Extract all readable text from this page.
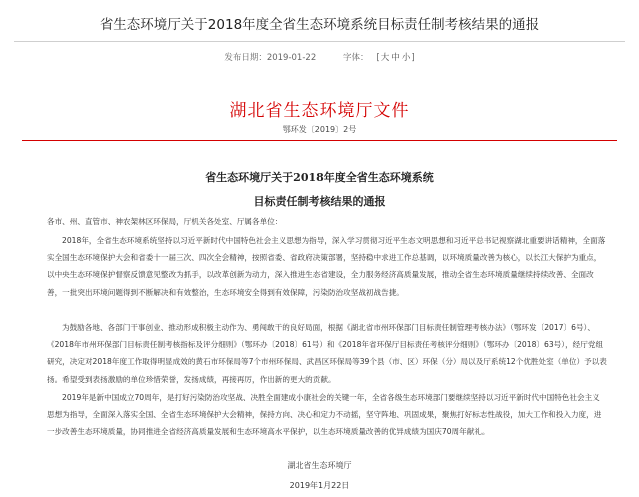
省生态环境厅关于2018年度全省生态环境系统目标责任制考核结果的通报
发布日期：2019-01-22	字体： [大 中 小]
湖北省生态环境厅文件
鄂环发〔2019〕2号
省生态环境厅关于2018年度全省生态环境系统
目标责任制考核结果的通报
各市、州、直管市、神农架林区环保局，厅机关各处室、厅属各单位：
2018年，全省生态环境系统坚持以习近平新时代中国特色社会主义思想为指导，深入学习贯彻习近平生态文明思想和习近平总书记视察湖北重要讲话精神，全面落实全国生态环境保护大会和省委十一届三次、四次全会精神，按照省委、省政府决策部署，坚持稳中求进工作总基调，以环境质量改善为核心，以长江大保护为重点，以中央生态环境保护督察反馈意见整改为抓手，以改革创新为动力，深入推进生态省建设，全力服务经济高质量发展，推动全省生态环境质量继续持续改善、全面改善，一批突出环境问题得到不断解决和有效整治，生态环境安全得到有效保障，污染防治攻坚战初战告捷。
为鼓励各地、各部门干事创业、推动形成积极主动作为、勇闯敢干的良好局面，根据《湖北省市州环保部门目标责任制管理考核办法》（鄂环发〔2017〕6号）、《2018年市州环保部门目标责任制考核指标及评分细则》（鄂环办〔2018〕61号）和《2018年省环保厅目标责任考核评分细则》（鄂环办〔2018〕63号），经厅党组研究，决定对2018年度工作取得明显成效的黄石市环保局等7个市州环保局、武昌区环保局等39个县（市、区）环保（分）局以及厅系统12个优胜处室（单位）予以表扬。希望受到表扬激励的单位珍惜荣誉，发扬成绩，再接再厉，作出新的更大的贡献。
2019年是新中国成立70周年，是打好污染防治攻坚战、决胜全面建成小康社会的关键一年，全省各级生态环境部门要继续坚持以习近平新时代中国特色社会主义思想为指导，全面深入落实全国、全省生态环境保护大会精神，保持方向、决心和定力不动摇，坚守阵地、巩固成果，聚焦打好标志性战役，加大工作和投入力度，进一步改善生态环境质量，协同推进全省经济高质量发展和生态环境高水平保护，以生态环境质量改善的优异成绩为国庆70周年献礼。
湖北省生态环境厅
2019年1月22日
